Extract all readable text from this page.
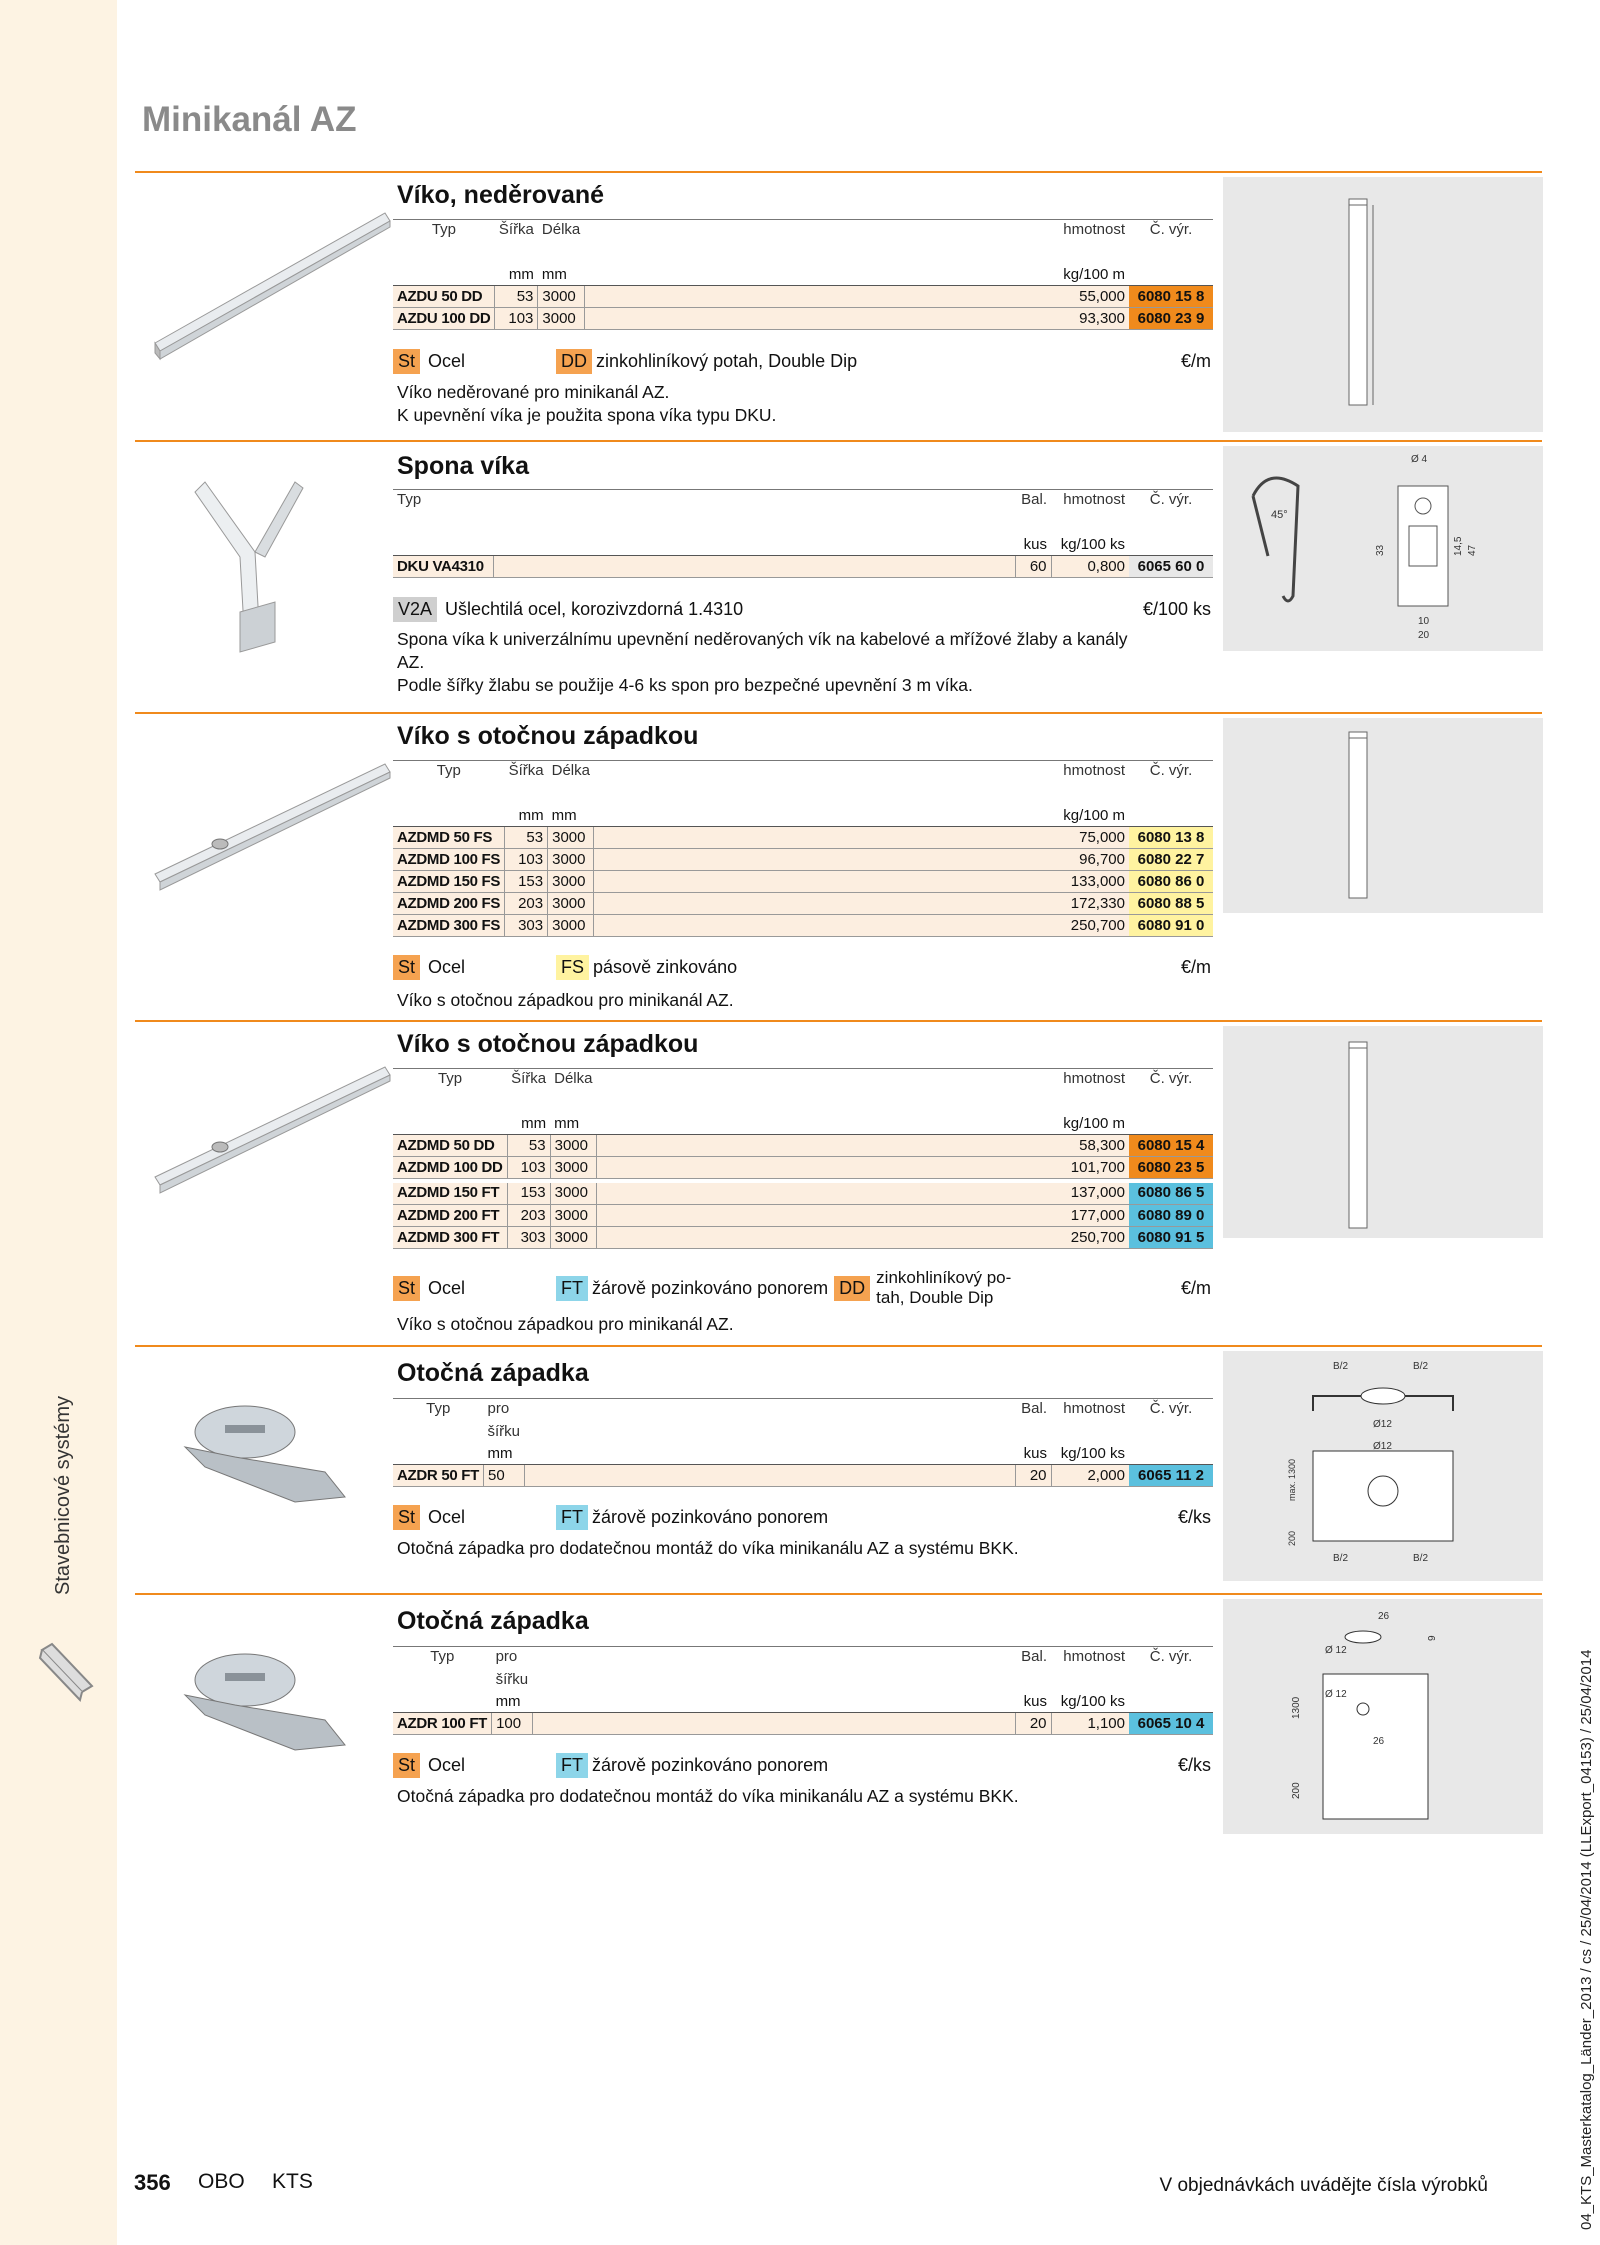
Minikanál AZ
Stavebnicové systémy
04_KTS_Masterkatalog_Länder_2013 / cs / 25/04/2014 (LLExport_04153) / 25/04/2014
Víko, neděrované
Typ	Šířka	Délka		hmotnost	Č. výr.

	mm	mm		kg/100 m	
AZDU 50 DD	53	3000		55,000	6080 15 8
AZDU 100 DD	103	3000		93,300	6080 23 9
St Ocel	DD zinkohliníkový potah, Double Dip	€/m
Víko neděrované pro minikanál AZ.
K upevnění víka je použita spona víka typu DKU.
Spona víka
Typ		Bal.	hmotnost	Č. výr.

		kus	kg/100 ks	
DKU VA4310		60	0,800	6065 60 0
V2A Ušlechtilá ocel, korozivzdorná 1.4310	€/100 ks
Spona víka k univerzálnímu upevnění neděrovaných vík na kabelové a mřížové žlaby a kanály
AZ.
Podle šířky žlabu se použije 4-6 ks spon pro bezpečné upevnění 3 m víka.
45°
Ø 4
33	14,5 47
10
20
Víko s otočnou západkou
Typ	Šířka	Délka		hmotnost	Č. výr.

	mm	mm		kg/100 m	
AZDMD 50 FS	53	3000		75,000	6080 13 8
AZDMD 100 FS	103	3000		96,700	6080 22 7
AZDMD 150 FS	153	3000		133,000	6080 86 0
AZDMD 200 FS	203	3000		172,330	6080 88 5
AZDMD 300 FS	303	3000		250,700	6080 91 0
St Ocel	FS pásově zinkováno	€/m
Víko s otočnou západkou pro minikanál AZ.
Víko s otočnou západkou
Typ	Šířka	Délka		hmotnost	Č. výr.

	mm	mm		kg/100 m	
AZDMD 50 DD	53	3000		58,300	6080 15 4
AZDMD 100 DD	103	3000		101,700	6080 23 5

AZDMD 150 FT	153	3000		137,000	6080 86 5
AZDMD 200 FT	203	3000		177,000	6080 89 0
AZDMD 300 FT	303	3000		250,700	6080 91 5
St Ocel	FT žárově pozinkováno ponorem DD zinkohliníkový po-
tah, Double Dip	€/m
Víko s otočnou západkou pro minikanál AZ.
Otočná západka
Typ	pro		Bal.	hmotnost	Č. výr.
	šířku				
	mm		kus	kg/100 ks	
AZDR 50 FT	50		20	2,000	6065 11 2
St Ocel	FT žárově pozinkováno ponorem	€/ks
Otočná západka pro dodatečnou montáž do víka minikanálu AZ a systému BKK.
B/2	B/2
Ø12
Ø12
max. 1300
200
B/2	B/2
Otočná západka
Typ	pro		Bal.	hmotnost	Č. výr.
	šířku				
	mm		kus	kg/100 ks	
AZDR 100 FT	100		20	1,100	6065 10 4
St Ocel	FT žárově pozinkováno ponorem	€/ks
Otočná západka pro dodatečnou montáž do víka minikanálu AZ a systému BKK.
26
9
Ø 12
Ø 12
1300
26
200
356 OBO KTS	V objednávkách uvádějte čísla výrobků
